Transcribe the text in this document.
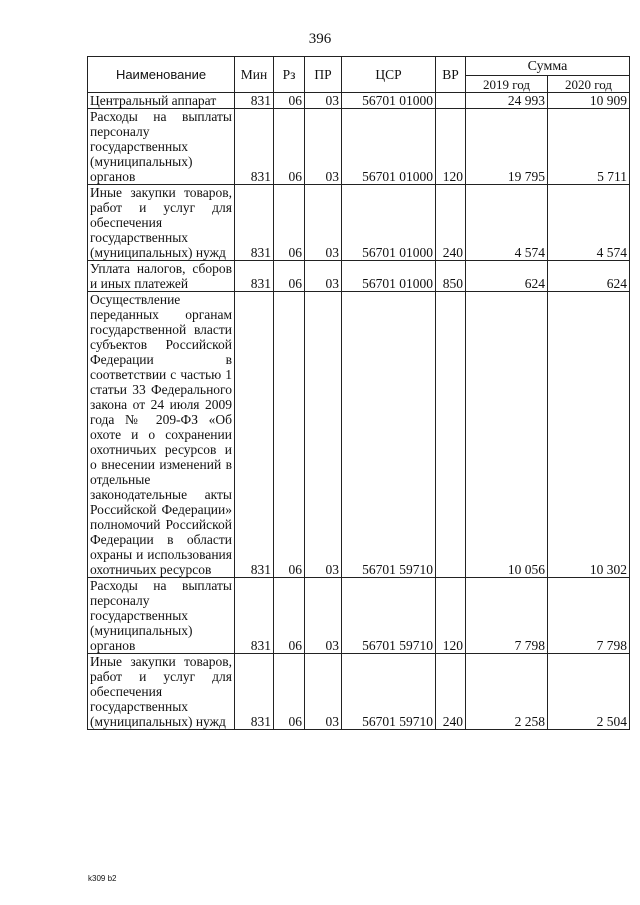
396
Наименование	Мин	Рз	ПР	ЦСР	ВР	Сумма	
						2019 год	2020 год
Центральный аппарат	831	06	03	56701 01000		24 993	10 909
Расходы на выплаты персоналу государственных (муниципальных) органов	831	06	03	56701 01000	120	19 795	5 711
Иные закупки товаров, работ и услуг для обеспечения государственных (муниципальных) нужд	831	06	03	56701 01000	240	4 574	4 574
Уплата налогов, сборов и иных платежей	831	06	03	56701 01000	850	624	624
Осуществление переданных органам государственной власти субъектов Российской Федерации в соответствии с частью 1 статьи 33 Федерального закона от 24 июля 2009 года № 209-ФЗ «Об охоте и о сохранении охотничьих ресурсов и о внесении изменений в отдельные законодательные акты Российской Федерации» полномочий Российской Федерации в области охраны и использования охотничьих ресурсов	831	06	03	56701 59710		10 056	10 302
Расходы на выплаты персоналу государственных (муниципальных) органов	831	06	03	56701 59710	120	7 798	7 798
Иные закупки товаров, работ и услуг для обеспечения государственных (муниципальных) нужд	831	06	03	56701 59710	240	2 258	2 504
k309 b2
